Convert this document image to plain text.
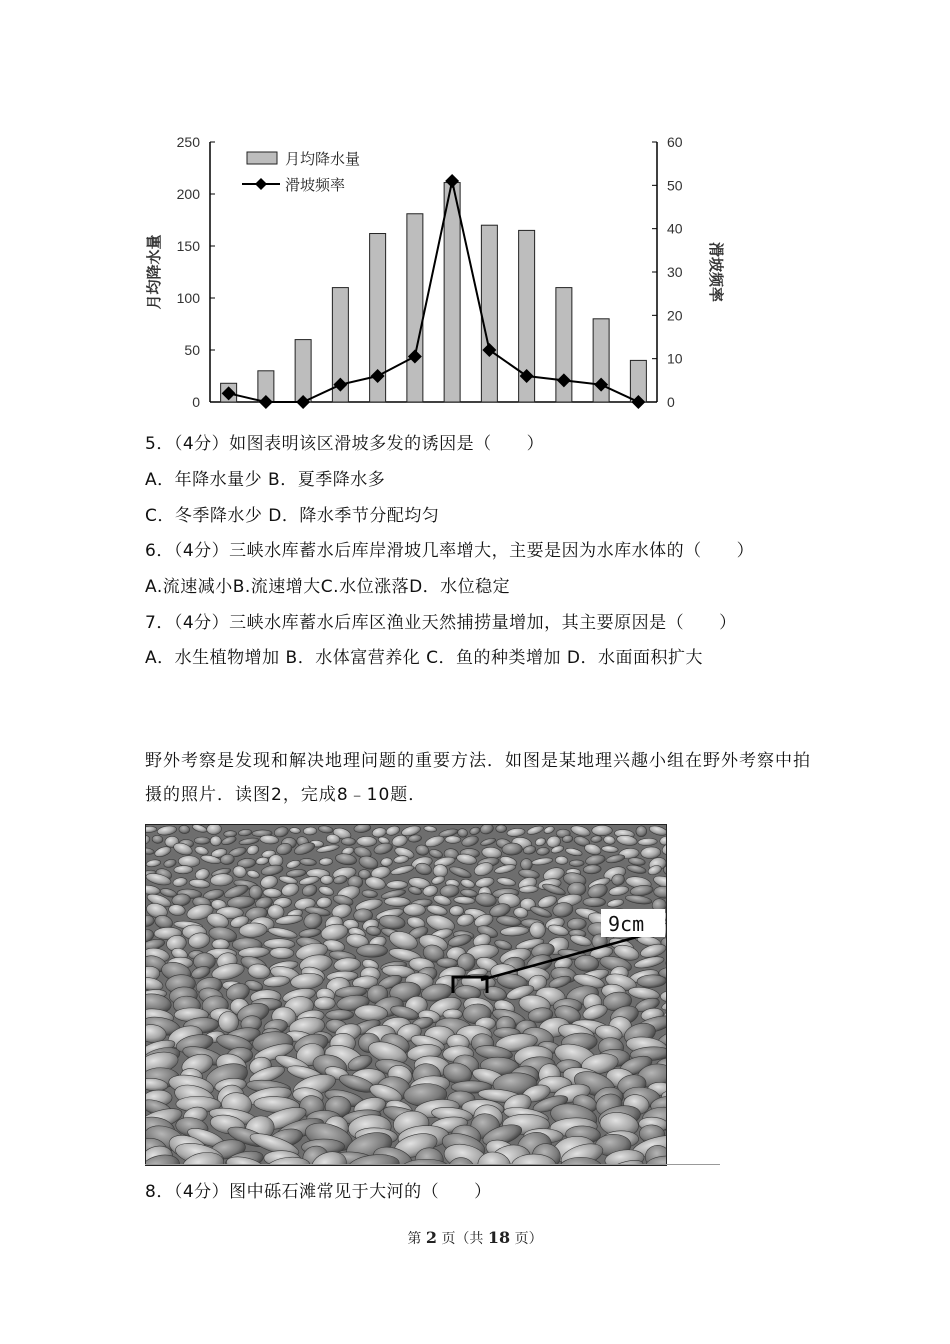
0
50
100
150
200
250
0
10
20
30
40
50
60
月均降水量	滑坡频率
月均降水量
滑坡频率
5．（4分）如图表明该区滑坡多发的诱因是（　　）
A．年降水量少 B．夏季降水多
C．冬季降水少 D．降水季节分配均匀
6．（4分）三峡水库蓄水后库岸滑坡几率增大，主要是因为水库水体的（　　）
A.流速减小B.流速增大C.水位涨落D．水位稳定
7．（4分）三峡水库蓄水后库区渔业天然捕捞量增加，其主要原因是（　　）
A．水生植物增加 B．水体富营养化 C．鱼的种类增加 D．水面面积扩大
野外考察是发现和解决地理问题的重要方法．如图是某地理兴趣小组在野外考察中拍摄的照片．读图2，完成8﹣10题．
9cm
8．（4分）图中砾石滩常见于大河的（　　）
第 2 页（共 18 页）
